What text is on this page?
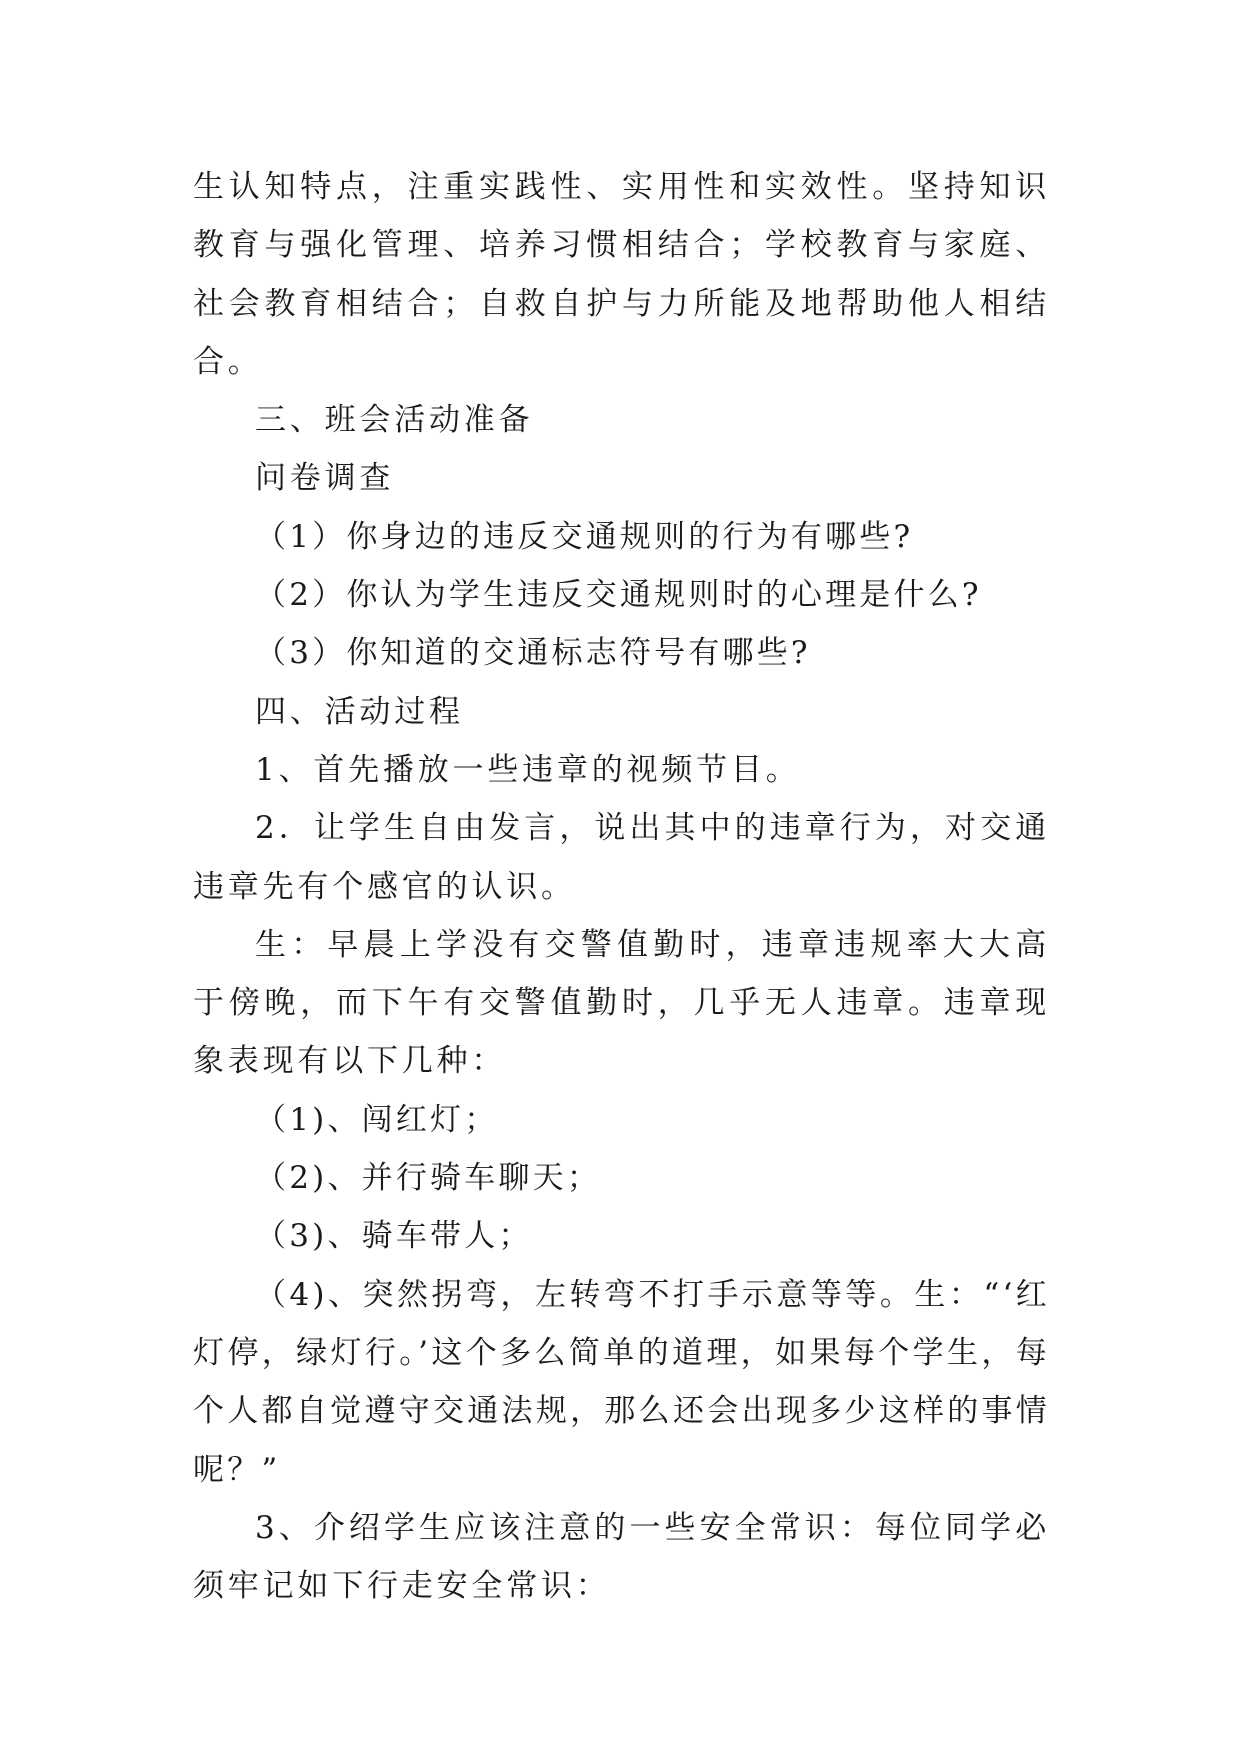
生认知特点，注重实践性、实用性和实效性。坚持知识教育与强化管理、培养习惯相结合；学校教育与家庭、社会教育相结合；自救自护与力所能及地帮助他人相结合。

三、班会活动准备

问卷调查

（1）你身边的违反交通规则的行为有哪些?

（2）你认为学生违反交通规则时的心理是什么?

（3）你知道的交通标志符号有哪些?

四、活动过程

1、首先播放一些违章的视频节目。

2．让学生自由发言，说出其中的违章行为，对交通违章先有个感官的认识。

生：早晨上学没有交警值勤时，违章违规率大大高于傍晚，而下午有交警值勤时，几乎无人违章。违章现象表现有以下几种：

（1)、闯红灯；

（2)、并行骑车聊天；

（3)、骑车带人；

（4)、突然拐弯，左转弯不打手示意等等。生：“‘红灯停，绿灯行。’这个多么简单的道理，如果每个学生，每个人都自觉遵守交通法规，那么还会出现多少这样的事情呢？”

3、介绍学生应该注意的一些安全常识：每位同学必须牢记如下行走安全常识：
